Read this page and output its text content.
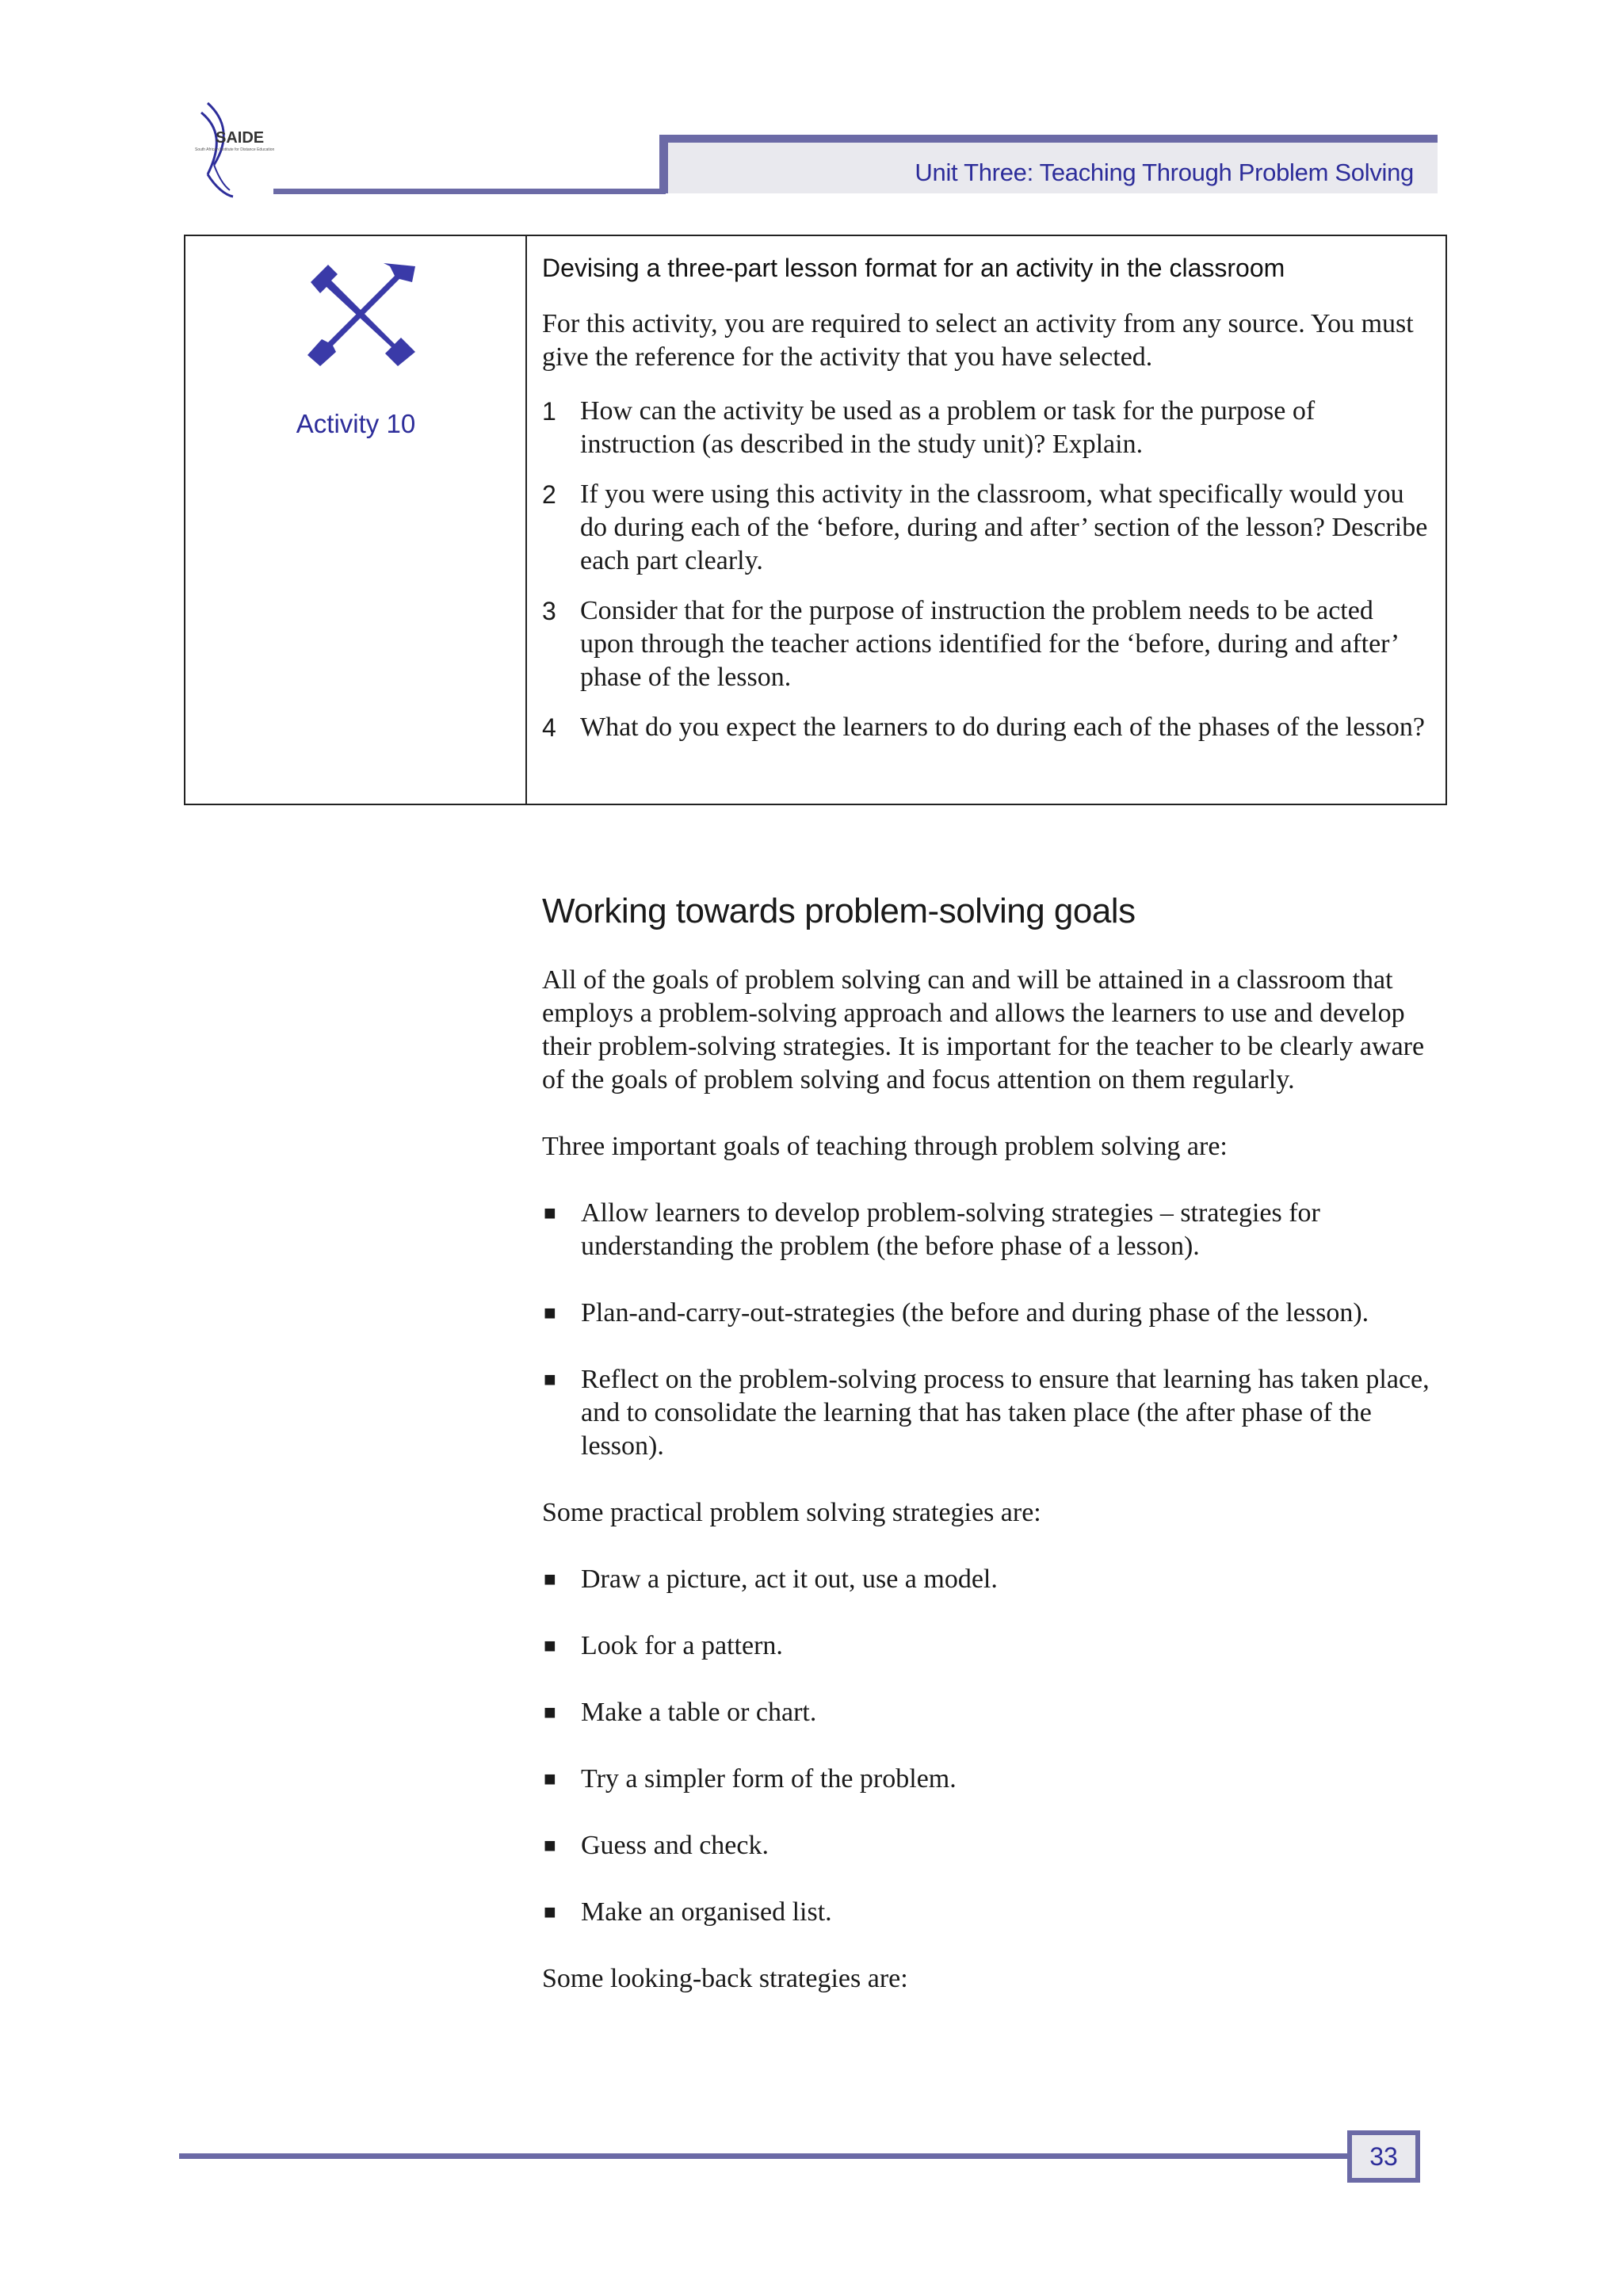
SAIDE
South African Institute for Distance Education
Unit Three: Teaching Through Problem Solving
Activity 10

Devising a three-part lesson format for an activity in the classroom

For this activity, you are required to select an activity from any source. You must give the reference for the activity that you have selected.

1 How can the activity be used as a problem or task for the purpose of instruction (as described in the study unit)? Explain.
2 If you were using this activity in the classroom, what specifically would you do during each of the ‘before, during and after’ section of the lesson? Describe each part clearly.
3 Consider that for the purpose of instruction the problem needs to be acted upon through the teacher actions identified for the ‘before, during and after’ phase of the lesson.
4 What do you expect the learners to do during each of the phases of the lesson?
Working towards problem-solving goals

All of the goals of problem solving can and will be attained in a classroom that employs a problem-solving approach and allows the learners to use and develop their problem-solving strategies. It is important for the teacher to be clearly aware of the goals of problem solving and focus attention on them regularly.

Three important goals of teaching through problem solving are:

■ Allow learners to develop problem-solving strategies – strategies for understanding the problem (the before phase of a lesson).
■ Plan-and-carry-out-strategies (the before and during phase of the lesson).
■ Reflect on the problem-solving process to ensure that learning has taken place, and to consolidate the learning that has taken place (the after phase of the lesson).

Some practical problem solving strategies are:

■ Draw a picture, act it out, use a model.
■ Look for a pattern.
■ Make a table or chart.
■ Try a simpler form of the problem.
■ Guess and check.
■ Make an organised list.

Some looking-back strategies are:

33
